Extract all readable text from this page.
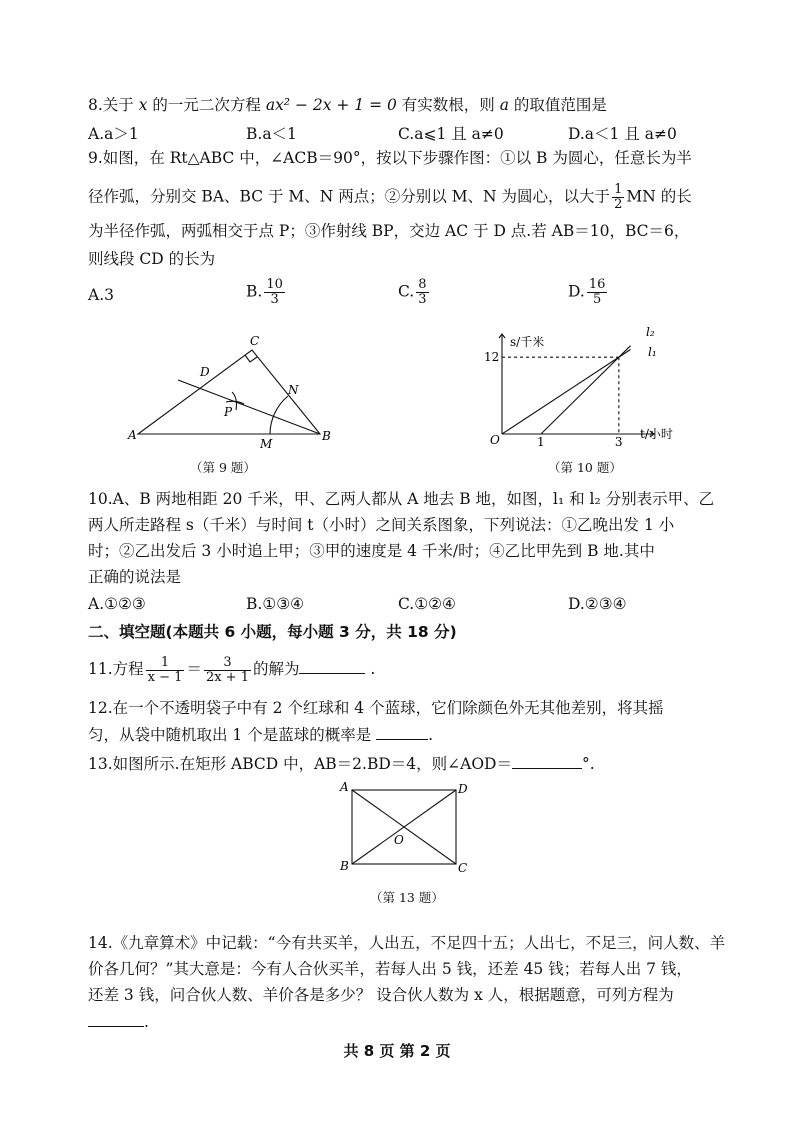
8.关于 x 的一元二次方程 ax² − 2x + 1 = 0 有实数根，则 a 的取值范围是
A.a＞1	B.a＜1	C.a⩽1 且 a≠0	D.a＜1 且 a≠0
9.如图，在 Rt△ABC 中，∠ACB＝90°，按以下步骤作图：①以 B 为圆心，任意长为半
径作弧，分别交 BA、BC 于 M、N 两点；②分别以 M、N 为圆心，以大于 $\frac{1}{2}$ MN 的长
为半径作弧，两弧相交于点 P；③作射线 BP，交边 AC 于 D 点.若 AB＝10，BC＝6，
则线段 CD 的长为
A.3	B. $\frac{10}{3}$	C. $\frac{8}{3}$	D. $\frac{16}{5}$
A	B
C
D
M
N
P
（第 9 题）
s/千米
t/小时
O
12
1	3
l₂
l₁
（第 10 题）
10.A、B 两地相距 20 千米，甲、乙两人都从 A 地去 B 地，如图，l₁ 和 l₂ 分别表示甲、乙
两人所走路程 s（千米）与时间 t（小时）之间关系图象，下列说法：①乙晚出发 1 小
时；②乙出发后 3 小时追上甲；③甲的速度是 4 千米/时；④乙比甲先到 B 地.其中
正确的说法是
A.①②③	B.①③④	C.①②④	D.②③④
二、填空题(本题共 6 小题，每小题 3 分，共 18 分)
11.方程 $\frac{1}{x - 1} = \frac{3}{2x + 1}$ 的解为	.
12.在一个不透明袋子中有 2 个红球和 4 个蓝球，它们除颜色外无其他差别，将其摇
匀，从袋中随机取出 1 个是蓝球的概率是	.
13.如图所示.在矩形 ABCD 中，AB＝2.BD＝4，则∠AOD＝	°.
A	D
B	C
O
（第 13 题）
14.《九章算术》中记载：“今有共买羊，人出五，不足四十五；人出七，不足三，问人数、羊
价各几何？”其大意是：今有人合伙买羊，若每人出 5 钱，还差 45 钱；若每人出 7 钱，
还差 3 钱，问合伙人数、羊价各是多少？ 设合伙人数为 x 人，根据题意，可列方程为
.
共 8 页 第 2 页
